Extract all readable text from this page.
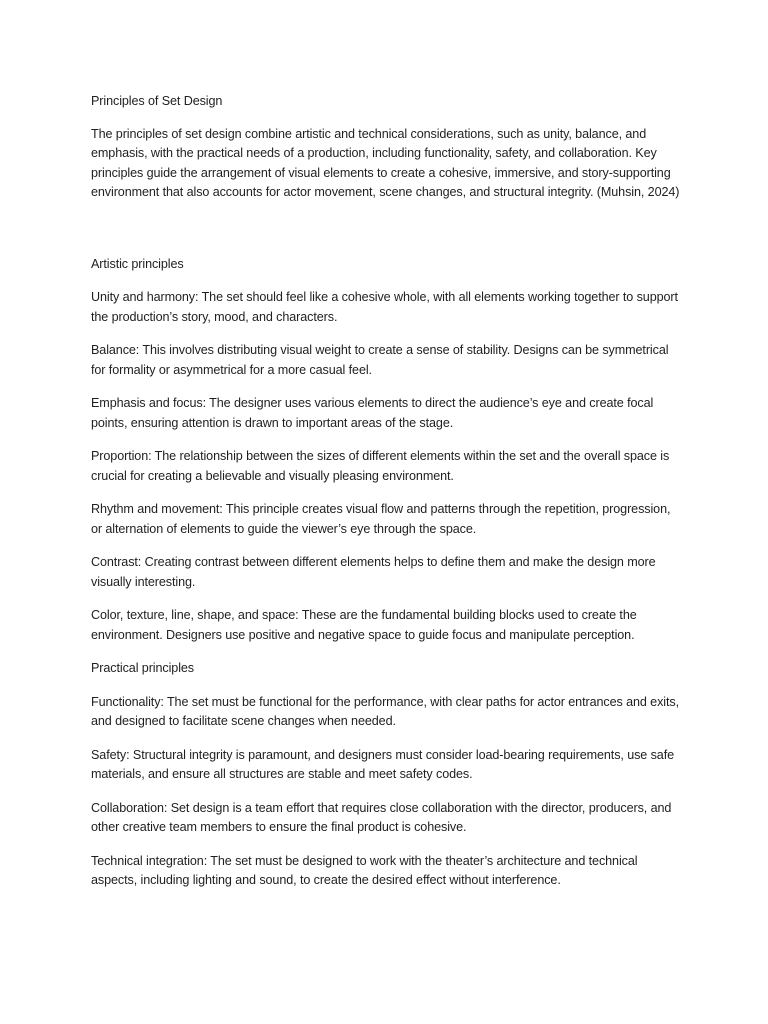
Principles of Set Design

The principles of set design combine artistic and technical considerations, such as unity, balance, and emphasis, with the practical needs of a production, including functionality, safety, and collaboration. Key principles guide the arrangement of visual elements to create a cohesive, immersive, and story-supporting environment that also accounts for actor movement, scene changes, and structural integrity. (Muhsin, 2024)

Artistic principles

Unity and harmony: The set should feel like a cohesive whole, with all elements working together to support the production’s story, mood, and characters.

Balance: This involves distributing visual weight to create a sense of stability. Designs can be symmetrical for formality or asymmetrical for a more casual feel.

Emphasis and focus: The designer uses various elements to direct the audience’s eye and create focal points, ensuring attention is drawn to important areas of the stage.

Proportion: The relationship between the sizes of different elements within the set and the overall space is crucial for creating a believable and visually pleasing environment.

Rhythm and movement: This principle creates visual flow and patterns through the repetition, progression, or alternation of elements to guide the viewer’s eye through the space.

Contrast: Creating contrast between different elements helps to define them and make the design more visually interesting.

Color, texture, line, shape, and space: These are the fundamental building blocks used to create the environment. Designers use positive and negative space to guide focus and manipulate perception.

Practical principles

Functionality: The set must be functional for the performance, with clear paths for actor entrances and exits, and designed to facilitate scene changes when needed.

Safety: Structural integrity is paramount, and designers must consider load-bearing requirements, use safe materials, and ensure all structures are stable and meet safety codes.

Collaboration: Set design is a team effort that requires close collaboration with the director, producers, and other creative team members to ensure the final product is cohesive.

Technical integration: The set must be designed to work with the theater’s architecture and technical aspects, including lighting and sound, to create the desired effect without interference.
